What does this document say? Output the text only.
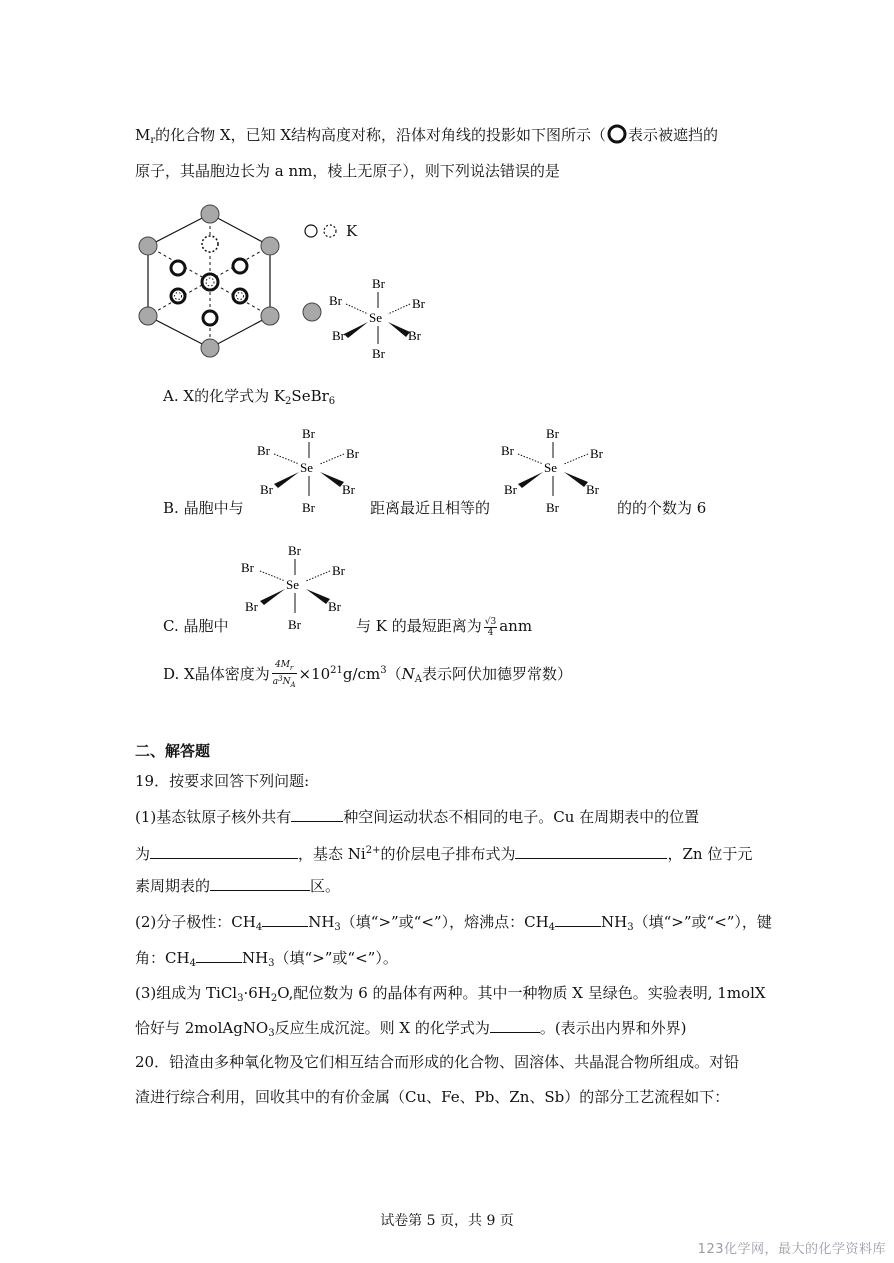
$M_r$的化合物 X，已知 X结构高度对称，沿体对角线的投影如下图所示（ 表示被遮挡的
原子，其晶胞边长为 a nm，棱上无原子），则下列说法错误的是
K
Br
Br	Br
Se
Br	Br
Br
A. X的化学式为 $K_2SeBr_6$
Br
Br	Br
Se
Br	Br
Br
Br
Br	Br
Se
Br	Br
Br
B. 晶胞中与	距离最近且相等的	的的个数为 6
Br
Br	Br
Se
Br	Br
Br
C. 晶胞中	与 K 的最短距离为 $\frac{√3}{4}$ anm
D. X晶体密度为 $\frac{4M_r}{a^3N_A} \times 10^{21}g/cm^3(N_A$表示阿伏加德罗常数）
二、解答题
19．按要求回答下列问题:
(1)基态钛原子核外共有	种空间运动状态不相同的电子。Cu 在周期表中的位置
为	，基态 $Ni^{2+}$的价层电子排布式为	，Zn 位于元
素周期表的	区。
(2)分子极性：$CH_4$	$NH_3$（填“>”或“<”），熔沸点：$CH_4$	$NH_3$（填“>”或“<”），键
角：$CH_4$	$NH_3$（填“>”或“<”）。
(3)组成为 $TiCl_3\cdot 6H_2O$,配位数为 6 的晶体有两种。其中一种物质 X 呈绿色。实验表明, 1molX
恰好与 2molAgNO$_3$反应生成沉淀。则 X 的化学式为	。(表示出内界和外界)
20．铅渣由多种氧化物及它们相互结合而形成的化合物、固溶体、共晶混合物所组成。对铅
渣进行综合利用，回收其中的有价金属（Cu、Fe、Pb、Zn、Sb）的部分工艺流程如下：
试卷第 5 页，共 9 页
123化学网，最大的化学资料库
